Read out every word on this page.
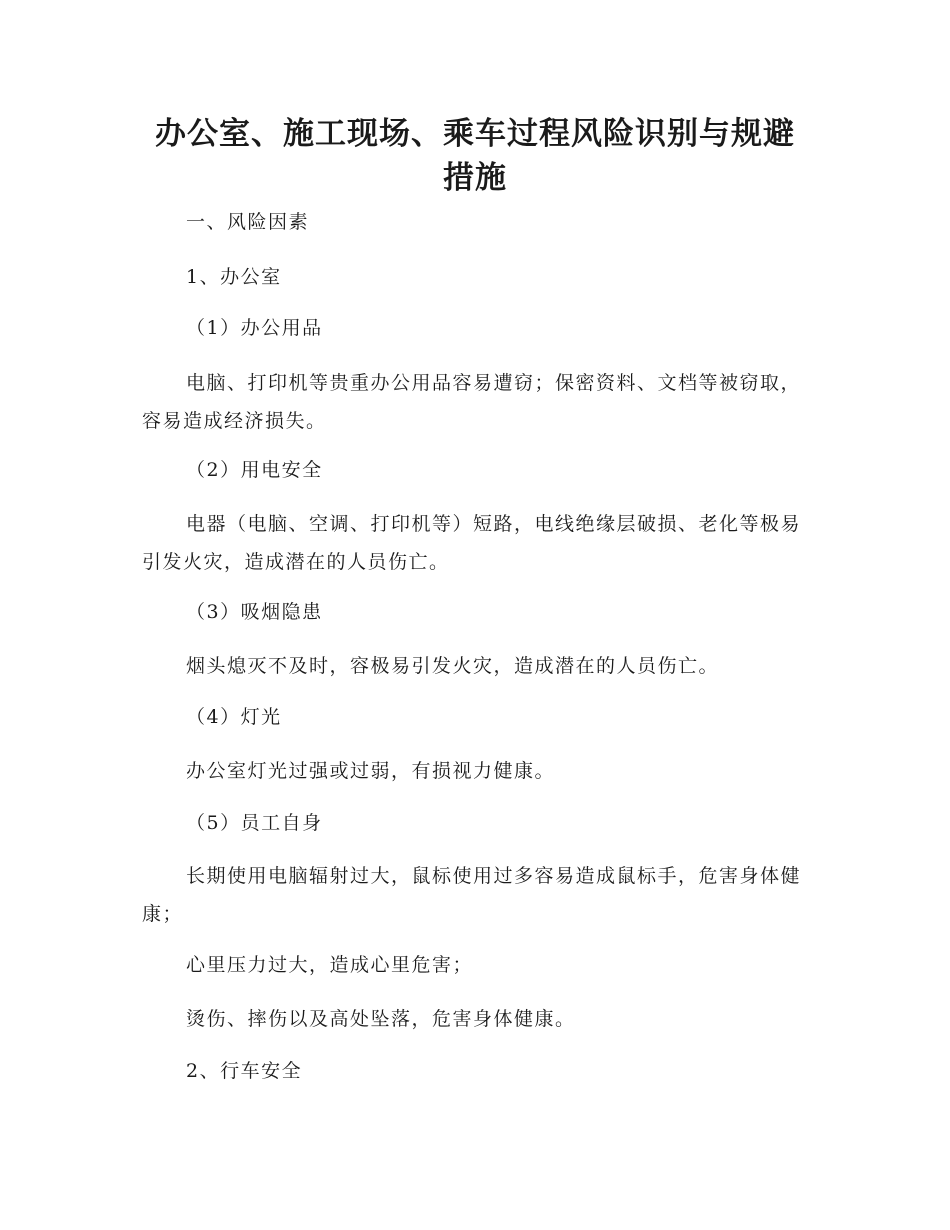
办公室、施工现场、乘车过程风险识别与规避措施
一、风险因素
1、办公室
（1）办公用品
电脑、打印机等贵重办公用品容易遭窃；保密资料、文档等被窃取，容易造成经济损失。
（2）用电安全
电器（电脑、空调、打印机等）短路，电线绝缘层破损、老化等极易引发火灾，造成潜在的人员伤亡。
（3）吸烟隐患
烟头熄灭不及时，容极易引发火灾，造成潜在的人员伤亡。
（4）灯光
办公室灯光过强或过弱，有损视力健康。
（5）员工自身
长期使用电脑辐射过大，鼠标使用过多容易造成鼠标手，危害身体健康；
心里压力过大，造成心里危害；
烫伤、摔伤以及高处坠落，危害身体健康。
2、行车安全
